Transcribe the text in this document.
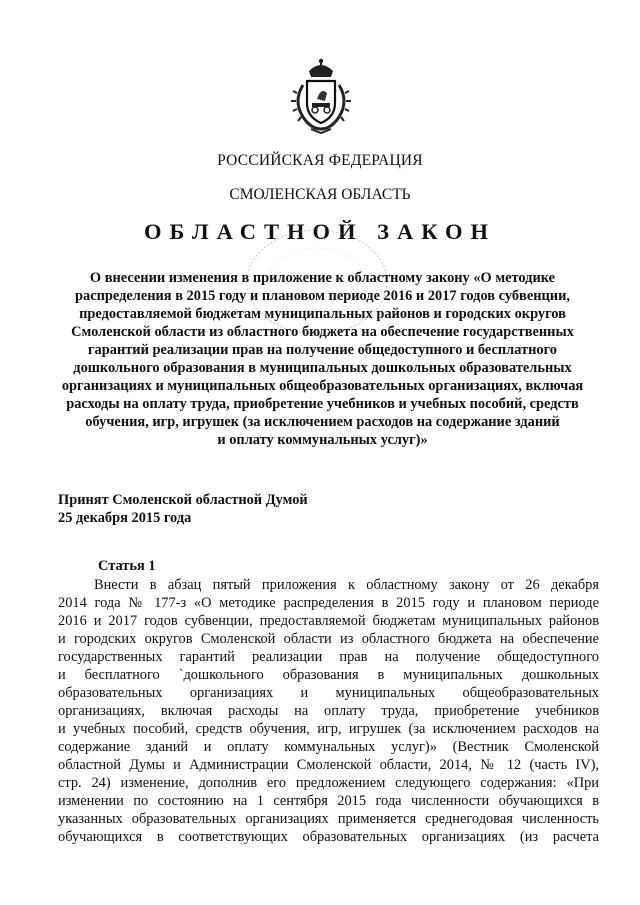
РОССИЙСКАЯ ФЕДЕРАЦИЯ
СМОЛЕНСКАЯ ОБЛАСТЬ
ОБЛАСТНОЙ ЗАКОН
О внесении изменения в приложение к областному закону «О методике
распределения в 2015 году и плановом периоде 2016 и 2017 годов субвенции,
предоставляемой бюджетам муниципальных районов и городских округов
Смоленской области из областного бюджета на обеспечение государственных
гарантий реализации прав на получение общедоступного и бесплатного
дошкольного образования в муниципальных дошкольных образовательных
организациях и муниципальных общеобразовательных организациях, включая
расходы на оплату труда, приобретение учебников и учебных пособий, средств
обучения, игр, игрушек (за исключением расходов на содержание зданий
и оплату коммунальных услуг)»
Принят Смоленской областной Думой
25 декабря 2015 года
Статья 1
Внести в абзац пятый приложения к областному закону от 26 декабря
2014 года № 177-з «О методике распределения в 2015 году и плановом периоде
2016 и 2017 годов субвенции, предоставляемой бюджетам муниципальных районов
и городских округов Смоленской области из областного бюджета на обеспечение
государственных гарантий реализации прав на получение общедоступного
и бесплатного `дошкольного образования в муниципальных дошкольных
образовательных организациях и муниципальных общеобразовательных
организациях, включая расходы на оплату труда, приобретение учебников
и учебных пособий, средств обучения, игр, игрушек (за исключением расходов на
содержание зданий и оплату коммунальных услуг)» (Вестник Смоленской
областной Думы и Администрации Смоленской области, 2014, № 12 (часть IV),
стр. 24) изменение, дополнив его предложением следующего содержания: «При
изменении по состоянию на 1 сентября 2015 года численности обучающихся в
указанных образовательных организациях применяется среднегодовая численность
обучающихся в соответствующих образовательных организациях (из расчета
